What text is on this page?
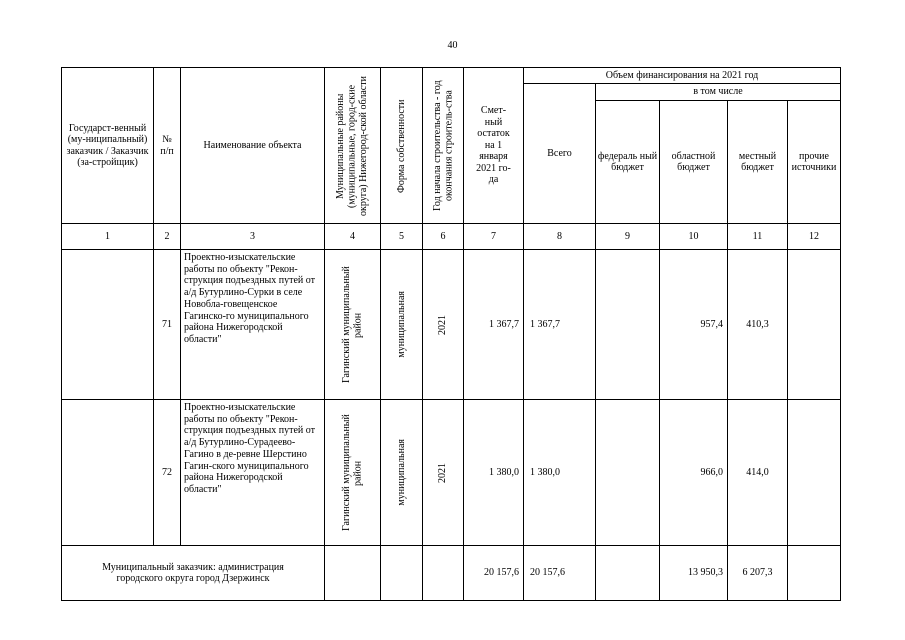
40
Государст-венный (му-ниципальный) заказчик / Заказчик (за-стройщик)	№ п/п	Наименование объекта	Муниципальные районы (муниципальные, город-ские округа) Нижегород-ской области	Форма собственности	Год начала строительства - год окончания строитель-ства	Смет-ный остаток на 1 января 2021 го-да	Объем финансирования на 2021 год				
							Всего	в том числе			
								федераль ный бюджет	областной бюджет	местный бюджет	прочие источники
1	2	3	4	5	6	7	8	9	10	11	12
	71	Проектно-изыскательские работы по объекту "Рекон-струкция подъездных путей от а/д Бутурлино-Сурки в селе Новобла-говещенское Гагинско-го муниципального района Нижегородской области"	Гагинский муниципальный район	муниципальная	2021	1 367,7	1 367,7		957,4	410,3	
	72	Проектно-изыскательские работы по объекту "Рекон-струкция подъездных путей от а/д Бутурлино-Сурадеево-Гагино в де-ревне Шерстино Гагин-ского муниципального района Нижегородской области"	Гагинский муниципальный район	муниципальная	2021	1 380,0	1 380,0		966,0	414,0	
Муниципальный заказчик: администрация городского округа город Дзержинск						20 157,6	20 157,6		13 950,3	6 207,3	
